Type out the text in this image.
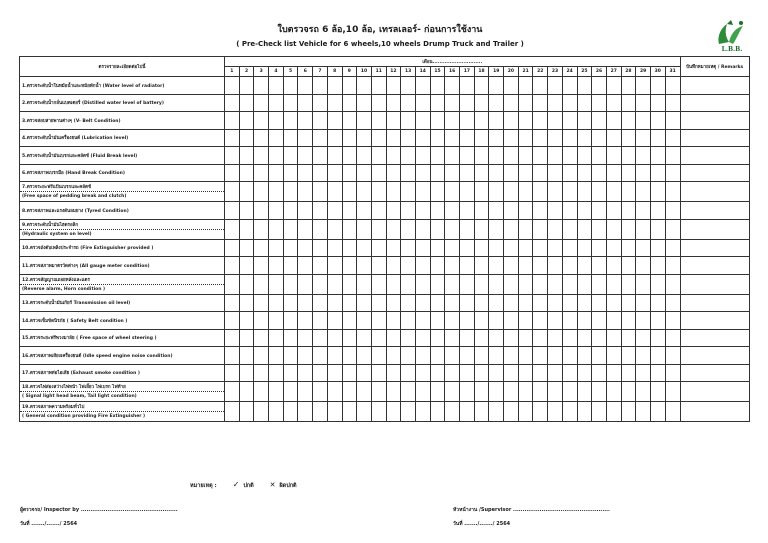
ใบตรวจรถ 6 ล้อ,10 ล้อ, เทรลเลอร์- ก่อนการใช้งาน
( Pre-Check list Vehicle for 6 wheels,10 wheels Drump Truck and Trailer )
L.B.B.
ตรวจรายละเอียดต่อไปนี้	เดือน.............................																															บ้นทึกหมายเหตุ / Remarks
	1	2	3	4	5	6	7	8	9	10	11	12	13	14	15	16	17	18	19	20	21	22	23	24	25	26	27	28	29	30	31	
1.ตรวจระดับน้ำในหม้อน้ำและหม้อพักน้ำ (Water level of radiator)																																
2.ตรวจระดับน้ำกลั่นแบตเตอรี่ (Distilled water level of battery)																																
3.ตรวจสอบสายพานต่างๆ (V- Belt Condition)																																
4.ตรวจระดับน้ำมันเครื่องยนต์ (Lubrication level)																																
5.ตรวจระดับน้ำมันเบรกและคลัตช์ (Fluid Break level)																																
6.ตรวจสภาพเบรกมือ (Hand Break Condition)																																
7.ตรวจระยะฟรีแป้นเบรกและคลัตช์																																
(Free space of pedding break and clutch)																																
8.ตรวจสภาพและแรงดันลมยาง (Tyred Condition)																																
9.ตรวจระดับน้ำมันไฮดรอลิก																																
(Hydraulic system on level)																																
10.ตรวจถังดับเพลิงประจำรถ (Fire Extinguisher provided )																																
11.ตรวจสภาพมาตรวัดต่างๆ (All gauge meter condition)																																
12.ตรวจสัญญาณถอยหลังและแตร																																
(Reverse alarm, Horn condition )																																
13.ตรวจระดับน้ำมันเกียร์ Transmission oil level)																																
14.ตรวจเข็มขัดนิรภัย ( Safety Belt condition )																																
15.ตรวจระยะฟรีพวงมาลัย ( Free space of wheel steering )																																
16.ตรวจสภาพเสียงเครื่องยนต์ (Idle speed engine noise condition)																																
17.ตรวจสภาพท่อไอเสีย (Exhaust smoke condition )																																
18.ตรวจไฟส่องสว่างไฟหน้า ไฟเลี้ยว ไฟเบรก ไฟท้าย																																
( Signal light head beam, Tail light condition)																																
19.ตรวจสภาพความพร้อมทั่วไป																																
( General condition providing Fire Extinguisher )																																
หมายเหตุ : ✓ ปกติ ✕ ผิดปกติ
ผู้ตรวจรถ/ Inspector by ...................................................
วันที่ ......./......./ 2564
หัวหน้างาน /Supervisor ...................................................
วันที่ ......./......./ 2564
